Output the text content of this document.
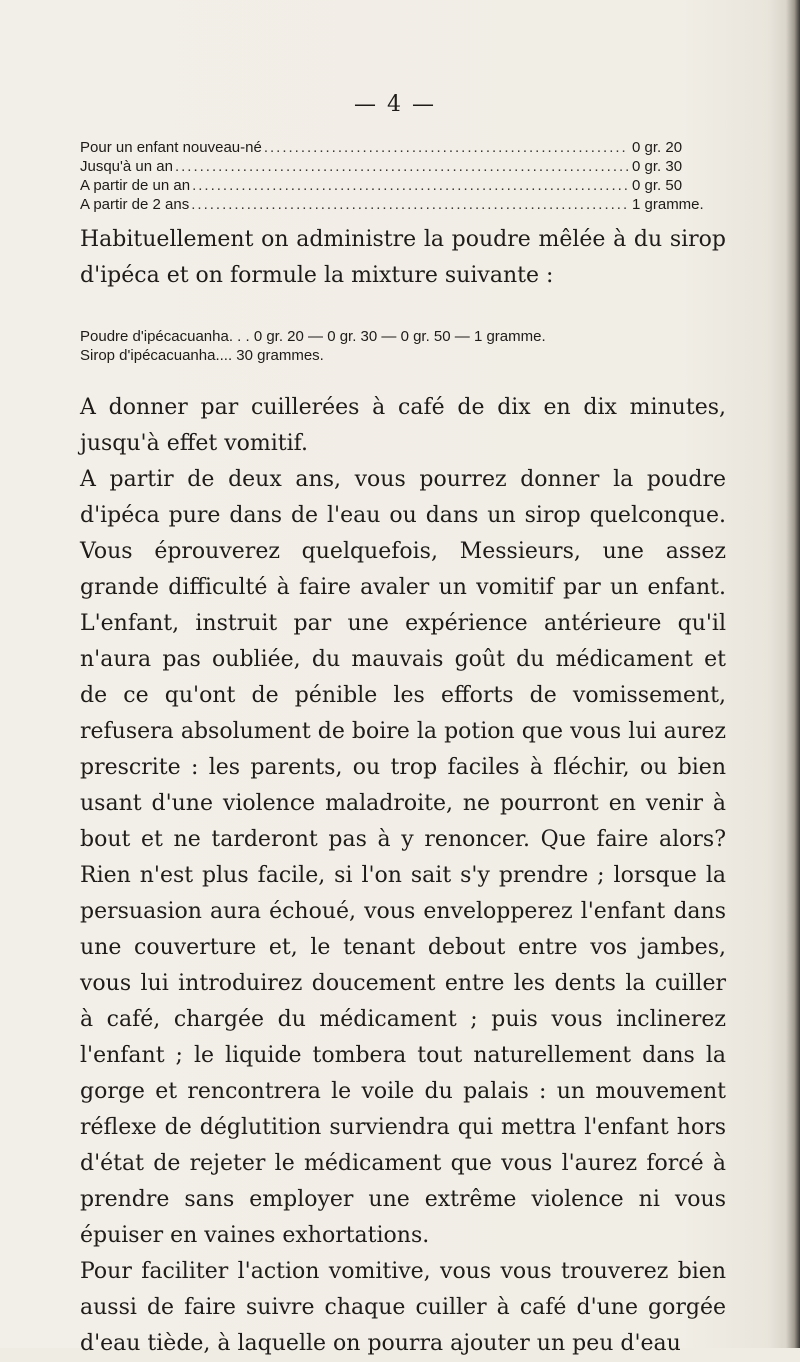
— 4 —
Pour un enfant nouveau-né .....	0 gr. 20
Jusqu'à un an .....	0 gr. 30
A partir de un an .....	0 gr. 50
A partir de 2 ans .....	1 gramme.

Habituellement on administre la poudre mêlée à du sirop d'ipéca et on formule la mixture suivante :

Poudre d'ipécacuanha. . . 0 gr. 20 — 0 gr. 30 — 0 gr. 50 — 1 gramme.
Sirop d'ipécacuanha.... 30 grammes.

A donner par cuillerées à café de dix en dix minutes, jusqu'à effet vomitif.

A partir de deux ans, vous pourrez donner la poudre d'ipéca pure dans de l'eau ou dans un sirop quelconque. Vous éprouverez quelquefois, Messieurs, une assez grande difficulté à faire avaler un vomitif par un enfant. L'enfant, instruit par une expérience antérieure qu'il n'aura pas oubliée, du mauvais goût du médicament et de ce qu'ont de pénible les efforts de vomissement, refusera absolument de boire la potion que vous lui aurez prescrite : les parents, ou trop faciles à fléchir, ou bien usant d'une violence maladroite, ne pourront en venir à bout et ne tarderont pas à y renoncer. Que faire alors? Rien n'est plus facile, si l'on sait s'y prendre ; lorsque la persuasion aura échoué, vous envelopperez l'enfant dans une couverture et, le tenant debout entre vos jambes, vous lui introduirez doucement entre les dents la cuiller à café, chargée du médicament ; puis vous inclinerez l'enfant ; le liquide tombera tout naturellement dans la gorge et rencontrera le voile du palais : un mouvement réflexe de déglutition surviendra qui mettra l'enfant hors d'état de rejeter le médicament que vous l'aurez forcé à prendre sans employer une extrême violence ni vous épuiser en vaines exhortations.

Pour faciliter l'action vomitive, vous vous trouverez bien aussi de faire suivre chaque cuiller à café d'une gorgée d'eau tiède, à laquelle on pourra ajouter un peu d'eau
